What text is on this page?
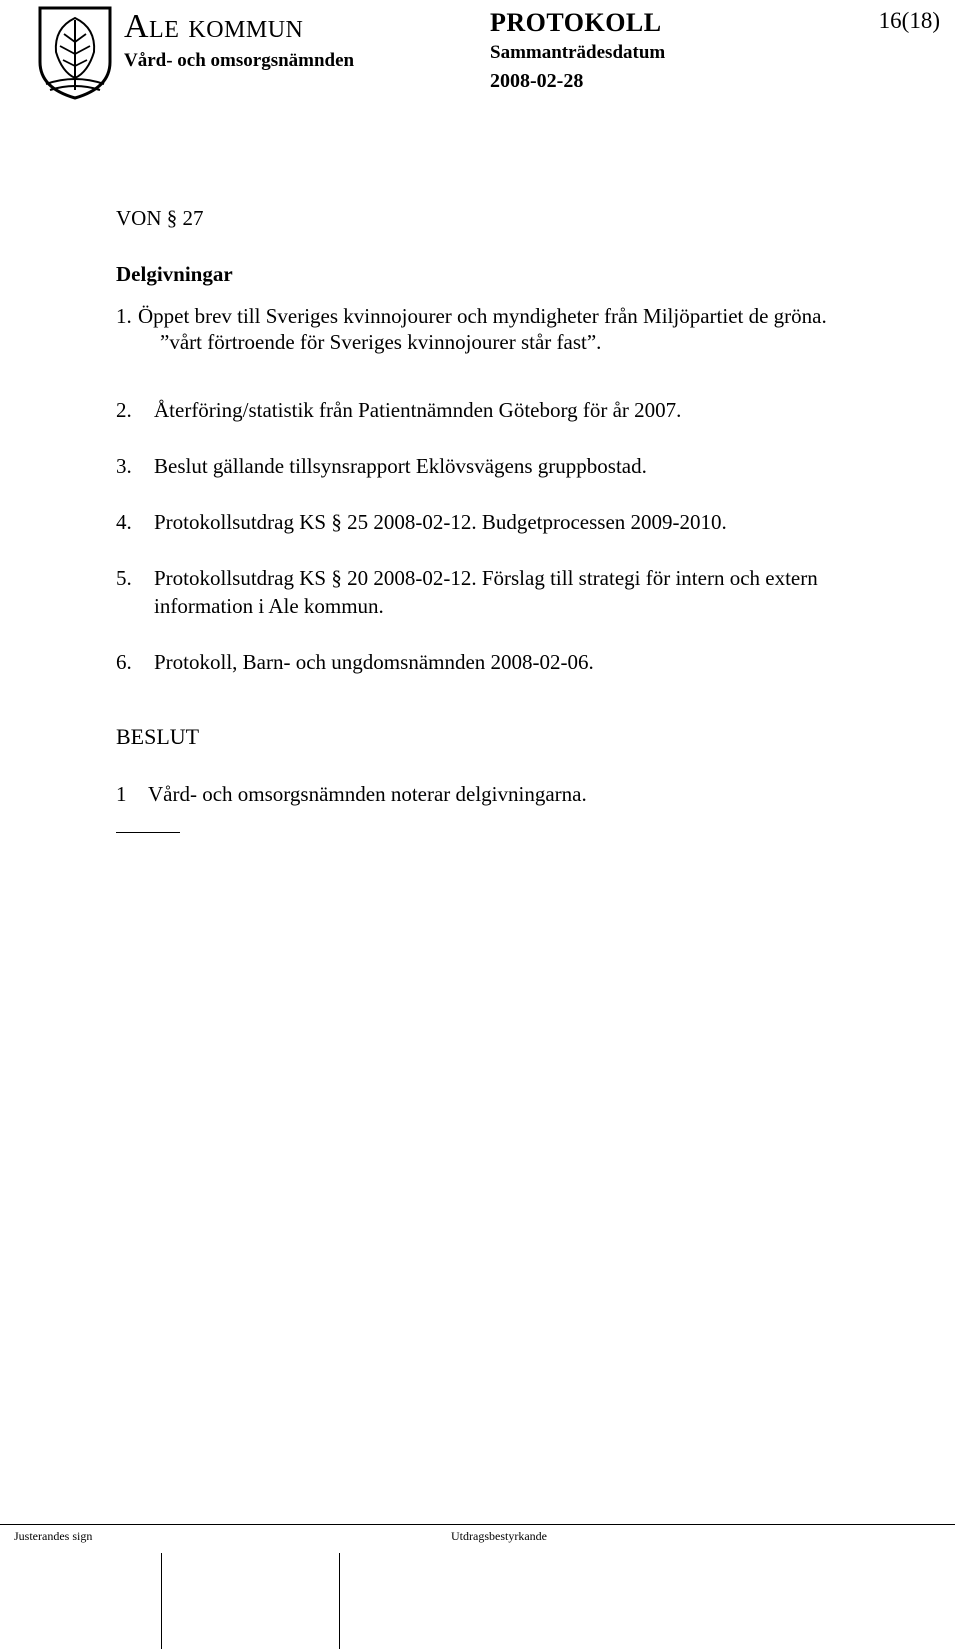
Ale kommun
Vård- och omsorgsnämnden
PROTOKOLL	16(18)
Sammanträdesdatum
2008-02-28
VON § 27
Delgivningar
1. Öppet brev till Sveriges kvinnojourer och myndigheter från Miljöpartiet de gröna.
”vårt förtroende för Sveriges kvinnojourer står fast”.
2. Återföring/statistik från Patientnämnden Göteborg för år 2007.
3. Beslut gällande tillsynsrapport Eklövsvägens gruppbostad.
4. Protokollsutdrag KS § 25 2008-02-12. Budgetprocessen 2009-2010.
5. Protokollsutdrag KS § 20 2008-02-12. Förslag till strategi för intern och extern information i Ale kommun.
6. Protokoll, Barn- och ungdomsnämnden 2008-02-06.
BESLUT
1 Vård- och omsorgsnämnden noterar delgivningarna.
Justerandes sign	Utdragsbestyrkande
